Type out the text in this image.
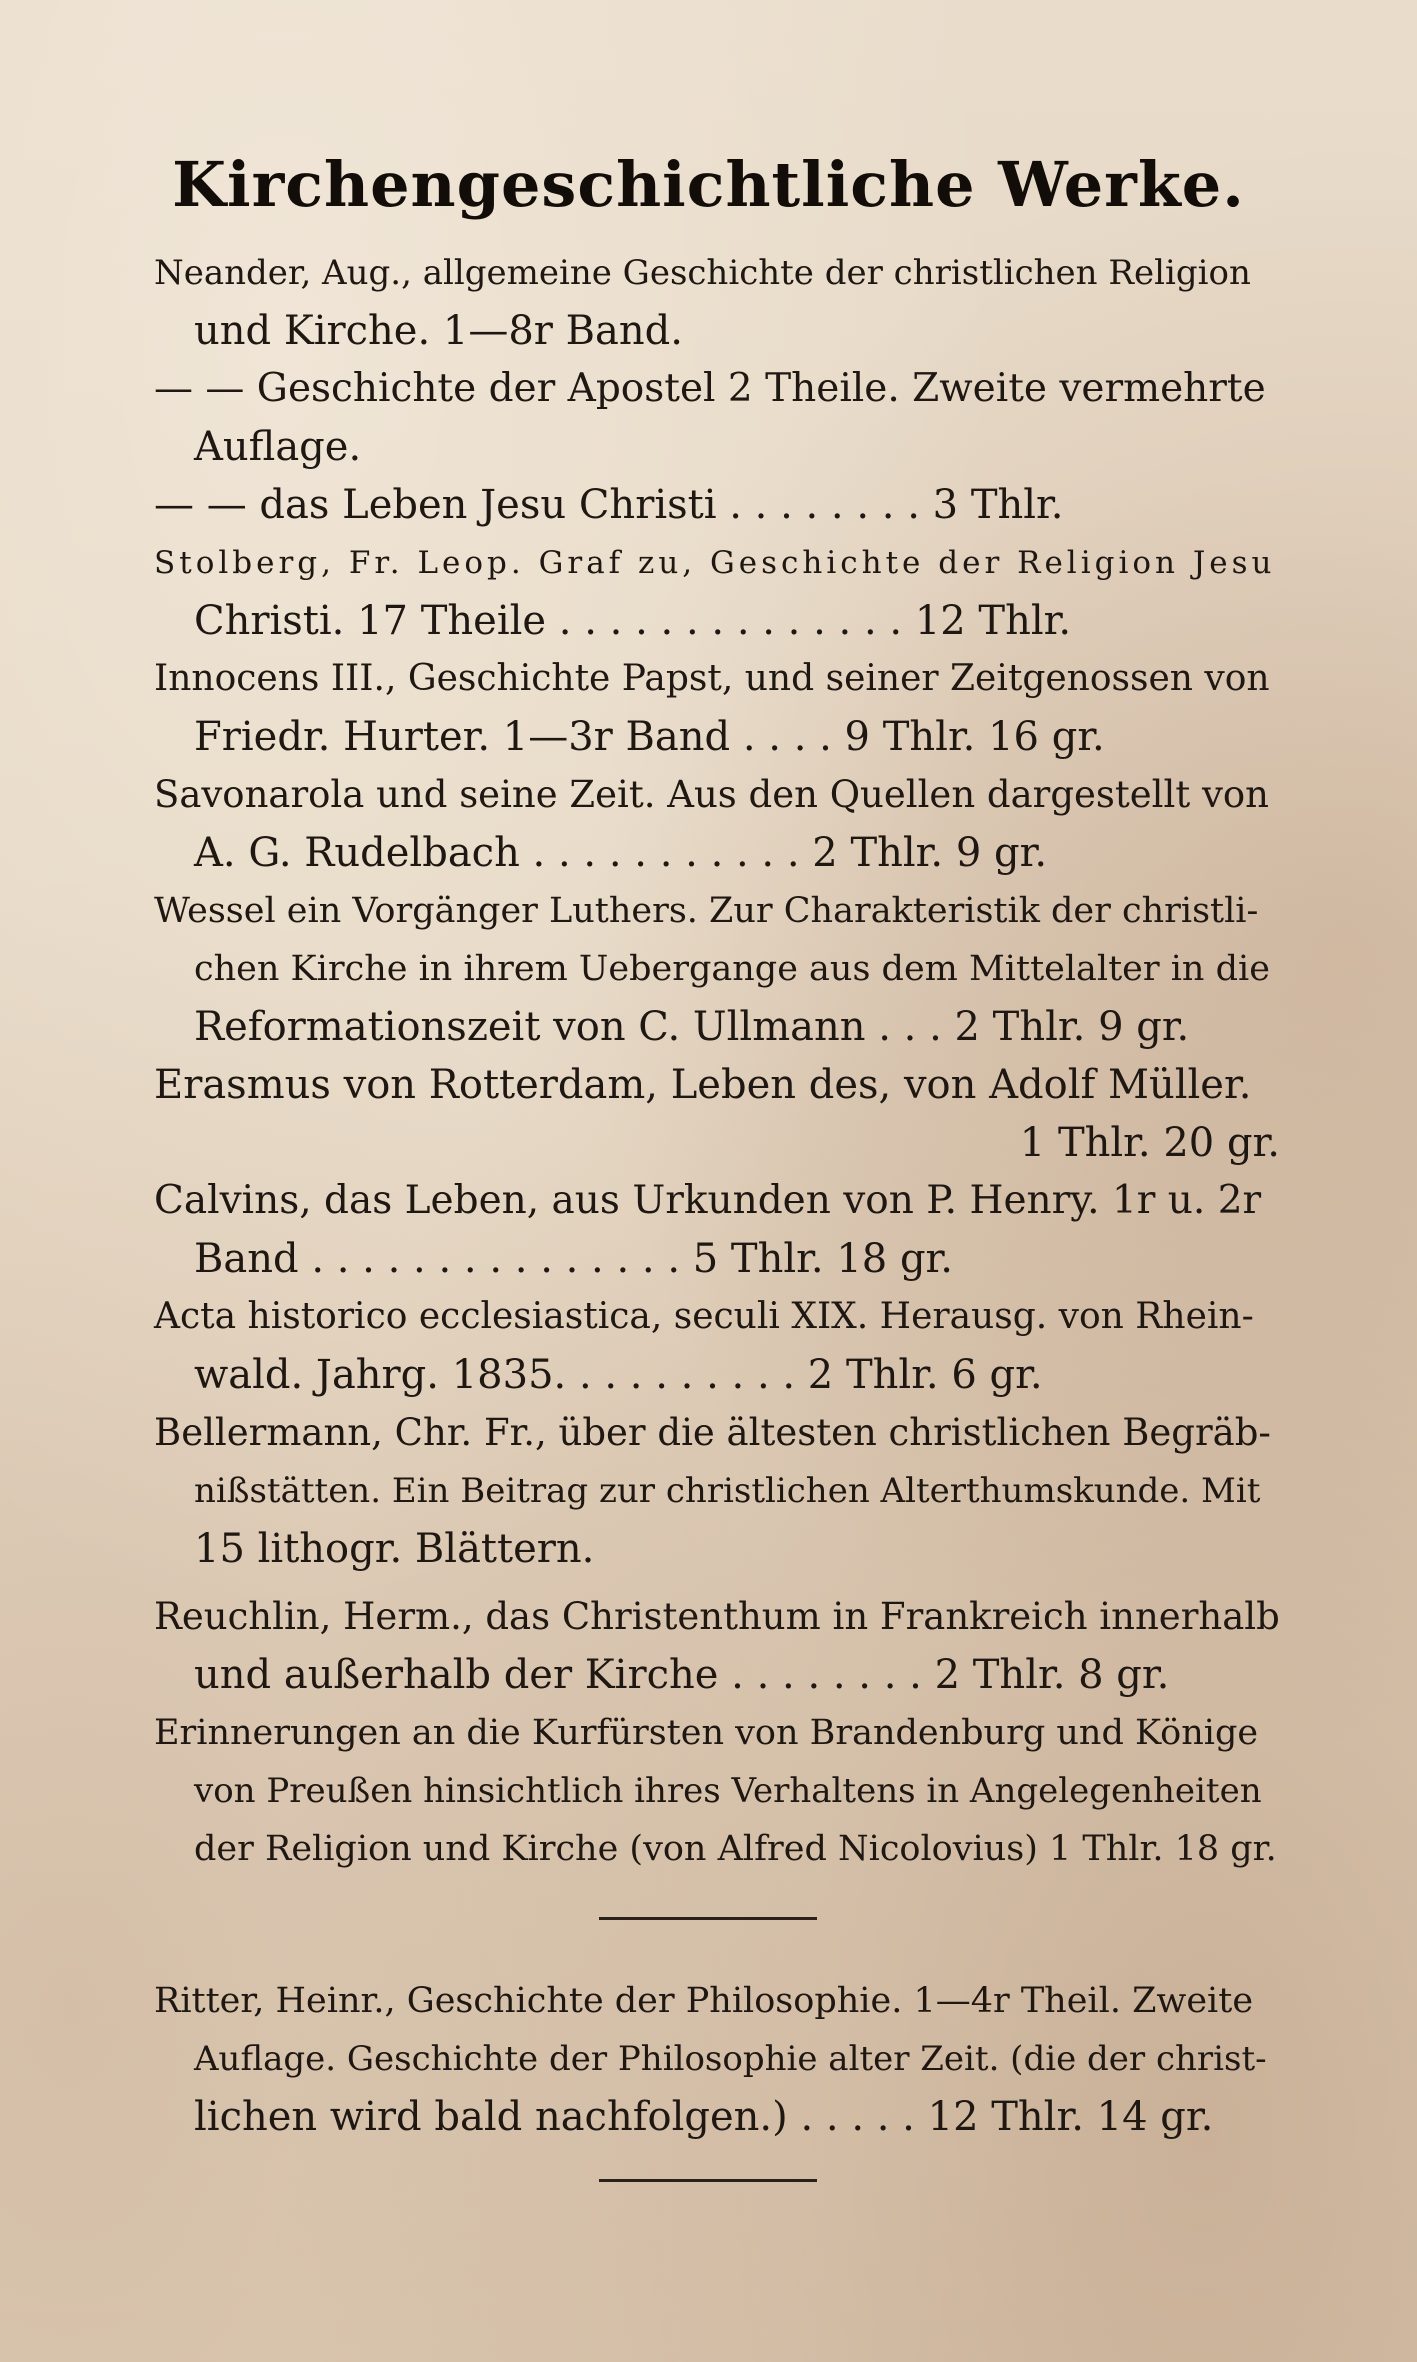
Kirchengeschichtliche Werke.
Neander, Aug., allgemeine Geschichte der christlichen Religion
und Kirche. 1—8r Band.
— — Geschichte der Apostel 2 Theile. Zweite vermehrte
Auflage.
— — das Leben Jesu Christi . . . . . . . . 3 Thlr.
Stolberg, Fr. Leop. Graf zu, Geschichte der Religion Jesu
Christi. 17 Theile . . . . . . . . . . . . . . 12 Thlr.
Innocens III., Geschichte Papst, und seiner Zeitgenossen von
Friedr. Hurter. 1—3r Band . . . . 9 Thlr. 16 gr.
Savonarola und seine Zeit. Aus den Quellen dargestellt von
A. G. Rudelbach . . . . . . . . . . . 2 Thlr. 9 gr.
Wessel ein Vorgänger Luthers. Zur Charakteristik der christli-
chen Kirche in ihrem Uebergange aus dem Mittelalter in die
Reformationszeit von C. Ullmann . . . 2 Thlr. 9 gr.
Erasmus von Rotterdam, Leben des, von Adolf Müller.
1 Thlr. 20 gr.
Calvins, das Leben, aus Urkunden von P. Henry. 1r u. 2r
Band . . . . . . . . . . . . . . . 5 Thlr. 18 gr.
Acta historico ecclesiastica, seculi XIX. Herausg. von Rhein-
wald. Jahrg. 1835. . . . . . . . . . 2 Thlr. 6 gr.
Bellermann, Chr. Fr., über die ältesten christlichen Begräb-
nißstätten. Ein Beitrag zur christlichen Alterthumskunde. Mit
15 lithogr. Blättern.
Reuchlin, Herm., das Christenthum in Frankreich innerhalb
und außerhalb der Kirche . . . . . . . . 2 Thlr. 8 gr.
Erinnerungen an die Kurfürsten von Brandenburg und Könige
von Preußen hinsichtlich ihres Verhaltens in Angelegenheiten
der Religion und Kirche (von Alfred Nicolovius) 1 Thlr. 18 gr.
Ritter, Heinr., Geschichte der Philosophie. 1—4r Theil. Zweite
Auflage. Geschichte der Philosophie alter Zeit. (die der christ-
lichen wird bald nachfolgen.) . . . . . 12 Thlr. 14 gr.
